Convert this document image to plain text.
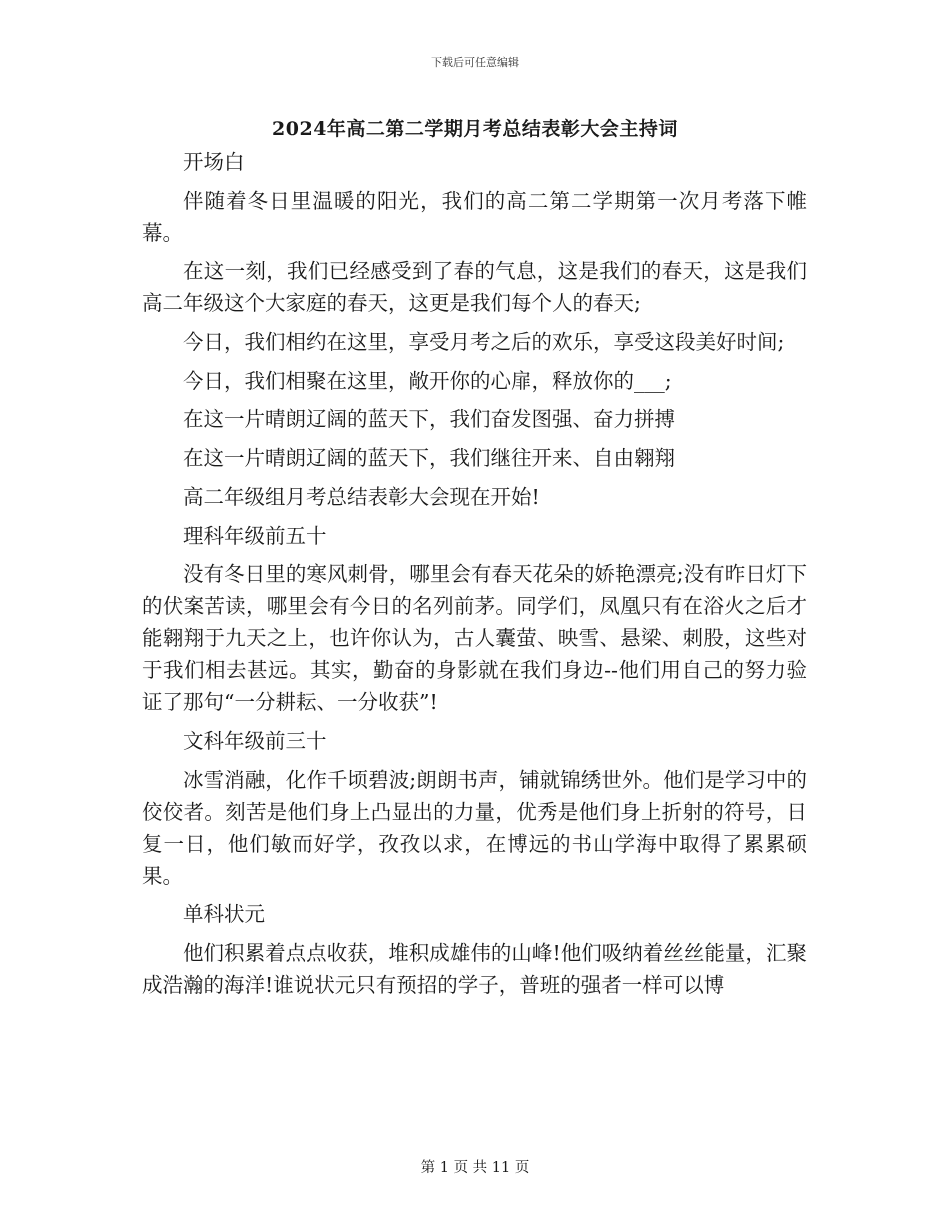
下载后可任意编辑
2024年高二第二学期月考总结表彰大会主持词

开场白

伴随着冬日里温暖的阳光，我们的高二第二学期第一次月考落下帷幕。

在这一刻，我们已经感受到了春的气息，这是我们的春天，这是我们高二年级这个大家庭的春天，这更是我们每个人的春天;

今日，我们相约在这里，享受月考之后的欢乐，享受这段美好时间;

今日，我们相聚在这里，敞开你的心扉，释放你的___;

在这一片晴朗辽阔的蓝天下，我们奋发图强、奋力拼搏

在这一片晴朗辽阔的蓝天下，我们继往开来、自由翱翔

高二年级组月考总结表彰大会现在开始!

理科年级前五十

没有冬日里的寒风刺骨，哪里会有春天花朵的娇艳漂亮;没有昨日灯下的伏案苦读，哪里会有今日的名列前茅。同学们，凤凰只有在浴火之后才能翱翔于九天之上，也许你认为，古人囊萤、映雪、悬梁、刺股，这些对于我们相去甚远。其实，勤奋的身影就在我们身边--他们用自己的努力验证了那句“一分耕耘、一分收获”!

文科年级前三十

冰雪消融，化作千顷碧波;朗朗书声，铺就锦绣世外。他们是学习中的佼佼者。刻苦是他们身上凸显出的力量，优秀是他们身上折射的符号，日复一日，他们敏而好学，孜孜以求，在博远的书山学海中取得了累累硕果。

单科状元

他们积累着点点收获，堆积成雄伟的山峰!他们吸纳着丝丝能量，汇聚成浩瀚的海洋!谁说状元只有预招的学子，普班的强者一样可以博

第 1 页 共 11 页
